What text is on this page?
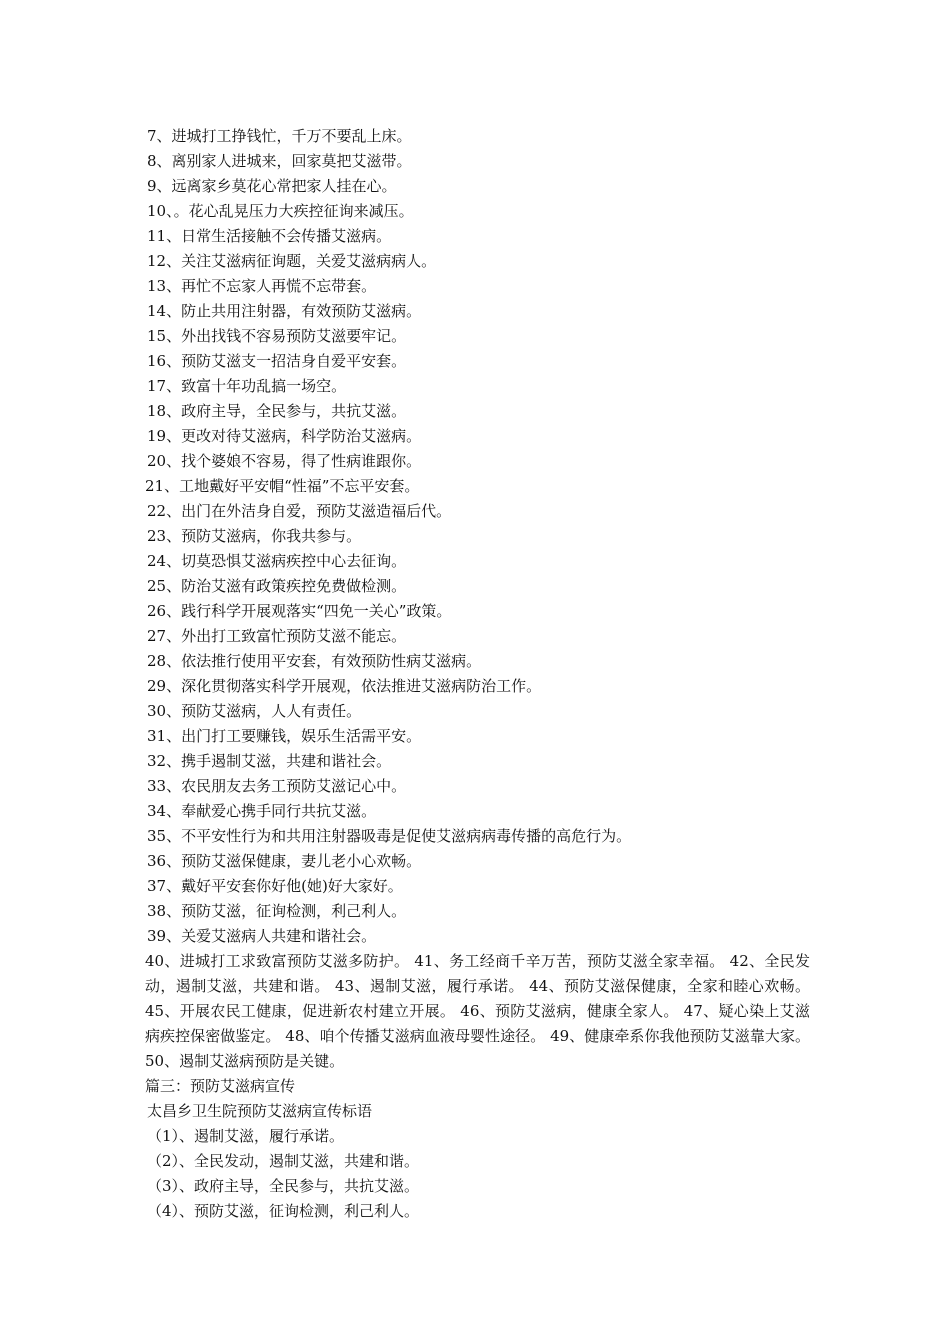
7、进城打工挣钱忙，千万不要乱上床。
8、离别家人进城来，回家莫把艾滋带。
9、远离家乡莫花心常把家人挂在心。
10、。花心乱晃压力大疾控征询来减压。
11、日常生活接触不会传播艾滋病。
12、关注艾滋病征询题，关爱艾滋病病人。
13、再忙不忘家人再慌不忘带套。
14、防止共用注射器，有效预防艾滋病。
15、外出找钱不容易预防艾滋要牢记。
16、预防艾滋支一招洁身自爱平安套。
17、致富十年功乱搞一场空。
18、政府主导，全民参与，共抗艾滋。
19、更改对待艾滋病，科学防治艾滋病。
20、找个婆娘不容易，得了性病谁跟你。
21、工地戴好平安帽“性福”不忘平安套。
22、出门在外洁身自爱，预防艾滋造福后代。
23、预防艾滋病，你我共参与。
24、切莫恐惧艾滋病疾控中心去征询。
25、防治艾滋有政策疾控免费做检测。
26、践行科学开展观落实“四免一关心”政策。
27、外出打工致富忙预防艾滋不能忘。
28、依法推行使用平安套，有效预防性病艾滋病。
29、深化贯彻落实科学开展观，依法推进艾滋病防治工作。
30、预防艾滋病，人人有责任。
31、出门打工要赚钱，娱乐生活需平安。
32、携手遏制艾滋，共建和谐社会。
33、农民朋友去务工预防艾滋记心中。
34、奉献爱心携手同行共抗艾滋。
35、不平安性行为和共用注射器吸毒是促使艾滋病病毒传播的高危行为。
36、预防艾滋保健康，妻儿老小心欢畅。
37、戴好平安套你好他(她)好大家好。
38、预防艾滋，征询检测，利己利人。
39、关爱艾滋病人共建和谐社会。
40、进城打工求致富预防艾滋多防护。 41、务工经商千辛万苦，预防艾滋全家幸福。 42、全民发动，遏制艾滋，共建和谐。 43、遏制艾滋，履行承诺。 44、预防艾滋保健康，全家和睦心欢畅。 45、开展农民工健康，促进新农村建立开展。 46、预防艾滋病，健康全家人。 47、疑心染上艾滋病疾控保密做鉴定。 48、咱个传播艾滋病血液母婴性途径。 49、健康牵系你我他预防艾滋靠大家。 50、遏制艾滋病预防是关键。
篇三：预防艾滋病宣传
太昌乡卫生院预防艾滋病宣传标语
（1）、遏制艾滋，履行承诺。
（2）、全民发动，遏制艾滋，共建和谐。
（3）、政府主导，全民参与，共抗艾滋。
（4）、预防艾滋，征询检测，利己利人。
